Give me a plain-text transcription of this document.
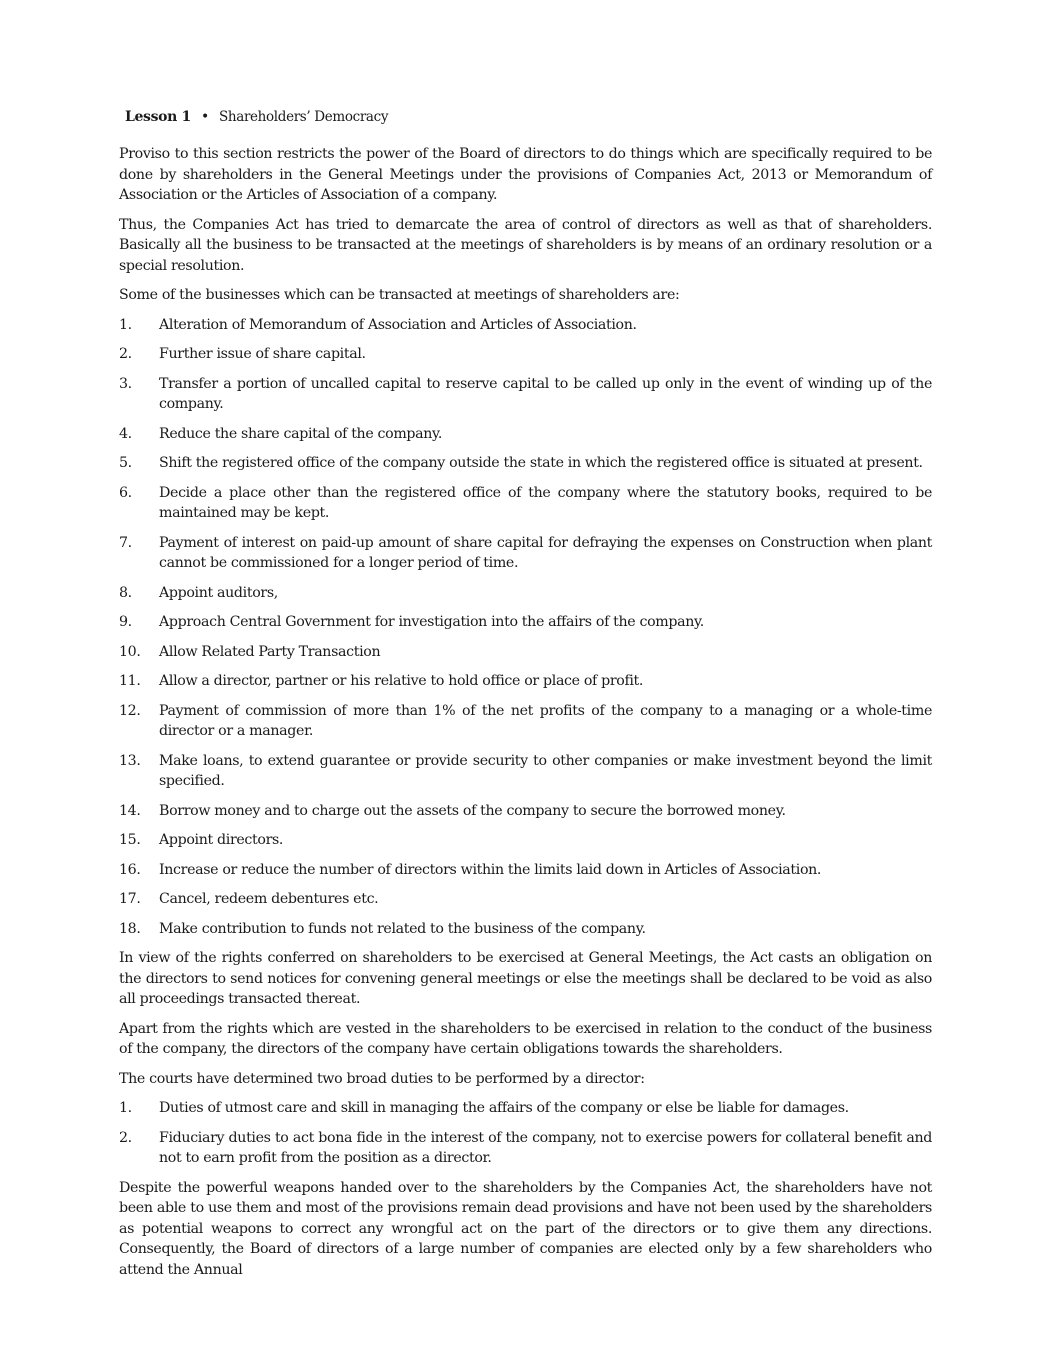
Lesson 1 • Shareholders’ Democracy

Proviso to this section restricts the power of the Board of directors to do things which are specifically required to be done by shareholders in the General Meetings under the provisions of Companies Act, 2013 or Memorandum of Association or the Articles of Association of a company.

Thus, the Companies Act has tried to demarcate the area of control of directors as well as that of shareholders. Basically all the business to be transacted at the meetings of shareholders is by means of an ordinary resolution or a special resolution.

Some of the businesses which can be transacted at meetings of shareholders are:

1.	Alteration of Memorandum of Association and Articles of Association.
2.	Further issue of share capital.
3.	Transfer a portion of uncalled capital to reserve capital to be called up only in the event of winding up of the company.
4.	Reduce the share capital of the company.
5.	Shift the registered office of the company outside the state in which the registered office is situated at present.
6.	Decide a place other than the registered office of the company where the statutory books, required to be maintained may be kept.
7.	Payment of interest on paid-up amount of share capital for defraying the expenses on Construction when plant cannot be commissioned for a longer period of time.
8.	Appoint auditors,
9.	Approach Central Government for investigation into the affairs of the company.
10.	Allow Related Party Transaction
11.	Allow a director, partner or his relative to hold office or place of profit.
12.	Payment of commission of more than 1% of the net profits of the company to a managing or a whole-time director or a manager.
13.	Make loans, to extend guarantee or provide security to other companies or make investment beyond the limit specified.
14.	Borrow money and to charge out the assets of the company to secure the borrowed money.
15.	Appoint directors.
16.	Increase or reduce the number of directors within the limits laid down in Articles of Association.
17.	Cancel, redeem debentures etc.
18.	Make contribution to funds not related to the business of the company.

In view of the rights conferred on shareholders to be exercised at General Meetings, the Act casts an obligation on the directors to send notices for convening general meetings or else the meetings shall be declared to be void as also all proceedings transacted thereat.

Apart from the rights which are vested in the shareholders to be exercised in relation to the conduct of the business of the company, the directors of the company have certain obligations towards the shareholders.

The courts have determined two broad duties to be performed by a director:

1.	Duties of utmost care and skill in managing the affairs of the company or else be liable for damages.
2.	Fiduciary duties to act bona fide in the interest of the company, not to exercise powers for collateral benefit and not to earn profit from the position as a director.

Despite the powerful weapons handed over to the shareholders by the Companies Act, the shareholders have not been able to use them and most of the provisions remain dead provisions and have not been used by the shareholders as potential weapons to correct any wrongful act on the part of the directors or to give them any directions. Consequently, the Board of directors of a large number of companies are elected only by a few shareholders who attend the Annual
